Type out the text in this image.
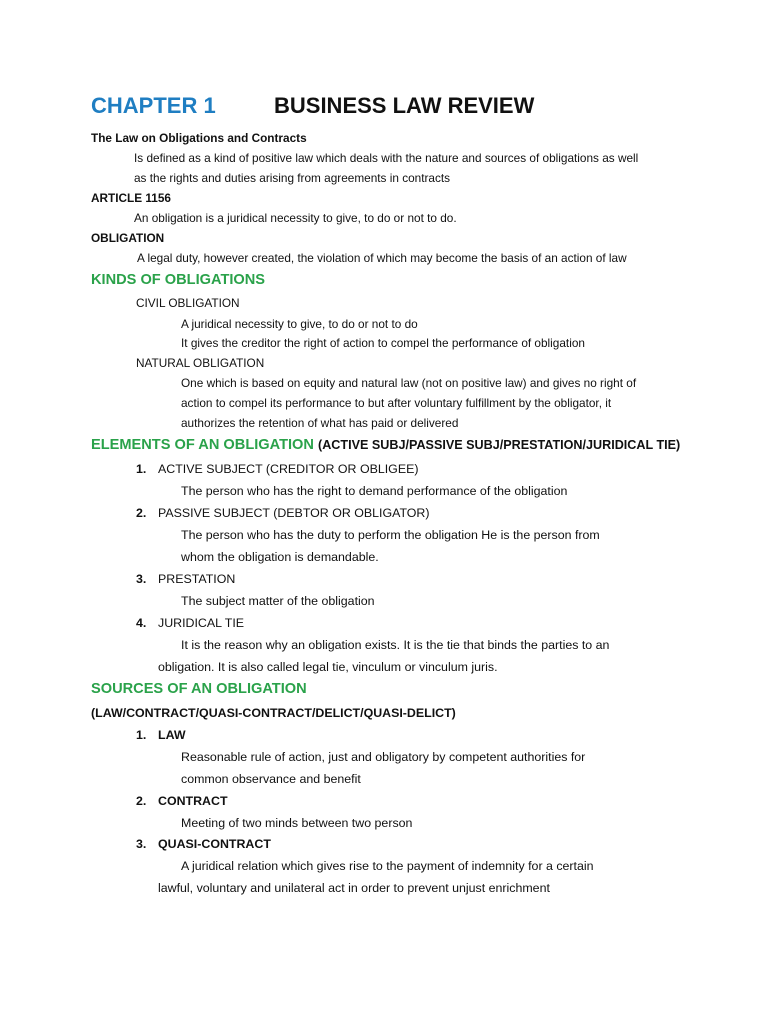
CHAPTER 1	BUSINESS LAW REVIEW
The Law on Obligations and Contracts
Is defined as a kind of positive law which deals with the nature and sources of obligations as well
as the rights and duties arising from agreements in contracts
ARTICLE 1156
An obligation is a juridical necessity to give, to do or not to do.
OBLIGATION
A legal duty, however created, the violation of which may become the basis of an action of law
KINDS OF OBLIGATIONS
CIVIL OBLIGATION
A juridical necessity to give, to do or not to do
It gives the creditor the right of action to compel the performance of obligation
NATURAL OBLIGATION
One which is based on equity and natural law (not on positive law) and gives no right of
action to compel its performance to but after voluntary fulfillment by the obligator, it
authorizes the retention of what has paid or delivered
ELEMENTS OF AN OBLIGATION (ACTIVE SUBJ/PASSIVE SUBJ/PRESTATION/JURIDICAL TIE)
1. ACTIVE SUBJECT (CREDITOR OR OBLIGEE)
The person who has the right to demand performance of the obligation
2. PASSIVE SUBJECT (DEBTOR OR OBLIGATOR)
The person who has the duty to perform the obligation He is the person from
whom the obligation is demandable.
3. PRESTATION
The subject matter of the obligation
4. JURIDICAL TIE
It is the reason why an obligation exists. It is the tie that binds the parties to an
obligation. It is also called legal tie, vinculum or vinculum juris.
SOURCES OF AN OBLIGATION
(LAW/CONTRACT/QUASI-CONTRACT/DELICT/QUASI-DELICT)
1. LAW
Reasonable rule of action, just and obligatory by competent authorities for
common observance and benefit
2. CONTRACT
Meeting of two minds between two person
3. QUASI-CONTRACT
A juridical relation which gives rise to the payment of indemnity for a certain
lawful, voluntary and unilateral act in order to prevent unjust enrichment
